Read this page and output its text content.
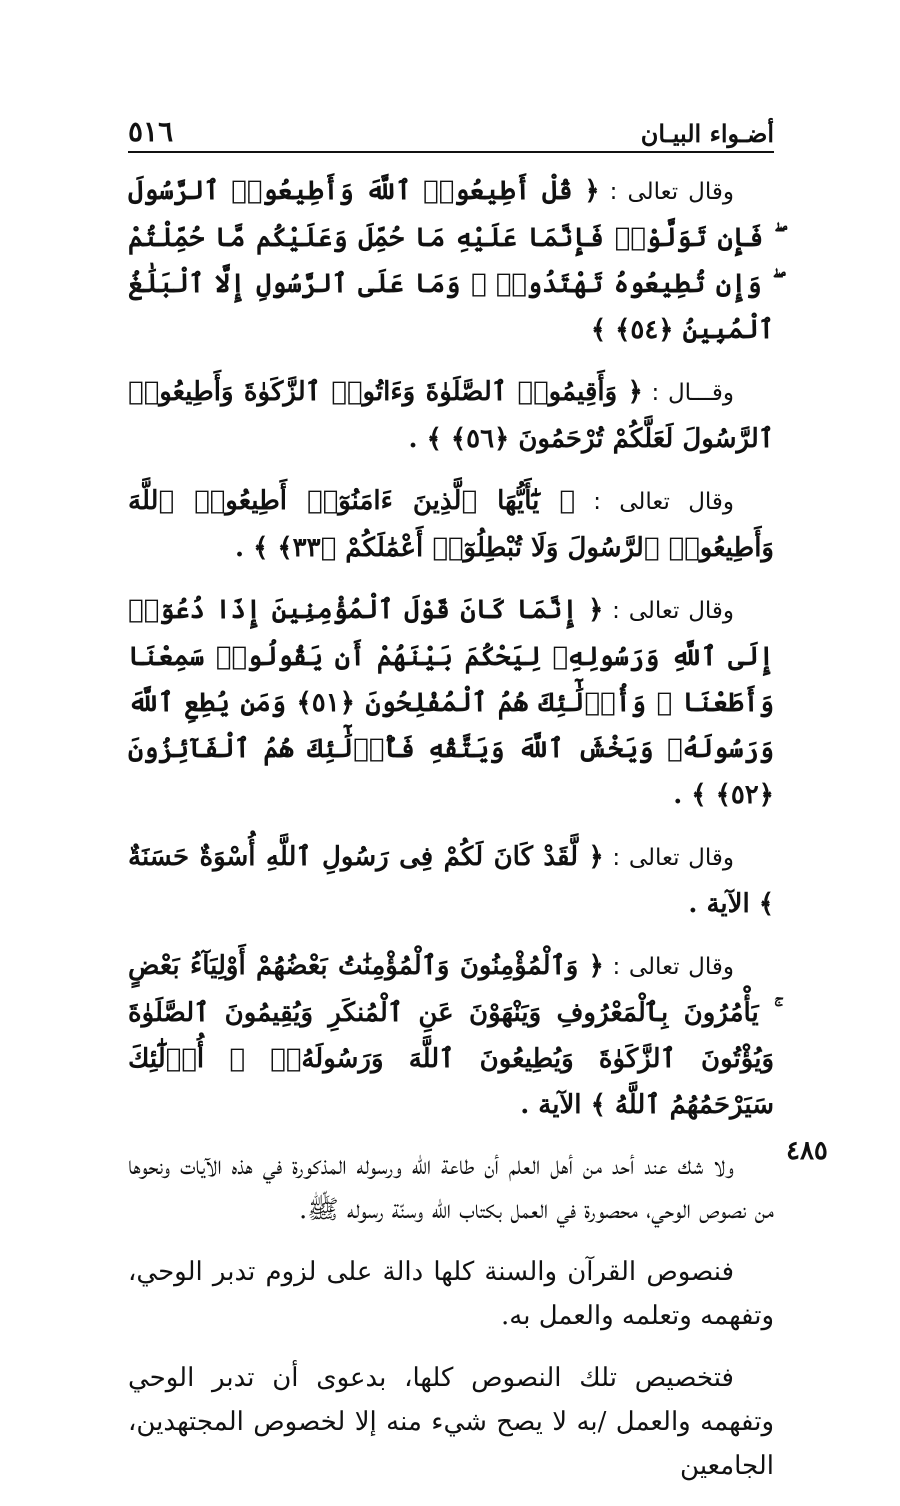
٥١٦	أضـواء البيـان

وقال تعالى : ﴿ قُلْ أَطِيعُوا۟ ٱللَّهَ وَأَطِيعُوا۟ ٱلرَّسُولَ ۖ فَإِن تَوَلَّوْا۟ فَإِنَّمَا عَلَيْهِ مَا حُمِّلَ وَعَلَيْكُم مَّا حُمِّلْتُمْ ۖ وَإِن تُطِيعُوهُ تَهْتَدُوا۟ ۚ وَمَا عَلَى ٱلرَّسُولِ إِلَّا ٱلْبَلَٰغُ ٱلْمُبِينُ ﴿٥٤﴾ ﴾

وقـــال : ﴿ وَأَقِيمُوا۟ ٱلصَّلَوٰةَ وَءَاتُوا۟ ٱلزَّكَوٰةَ وَأَطِيعُوا۟ ٱلرَّسُولَ لَعَلَّكُمْ تُرْحَمُونَ ﴿٥٦﴾ ﴾ .

وقال تعالى : ﴿ يَٰٓأَيُّهَا ٱلَّذِينَ ءَامَنُوٓا۟ أَطِيعُوا۟ ٱللَّهَ وَأَطِيعُوا۟ ٱلرَّسُولَ وَلَا تُبْطِلُوٓا۟ أَعْمَٰلَكُمْ ﴿٣٣﴾ ﴾ .

وقال تعالى : ﴿ إِنَّمَا كَانَ قَوْلَ ٱلْمُؤْمِنِينَ إِذَا دُعُوٓا۟ إِلَى ٱللَّهِ وَرَسُولِهِۦ لِيَحْكُمَ بَيْنَهُمْ أَن يَقُولُوا۟ سَمِعْنَا وَأَطَعْنَا ۚ وَأُو۟لَٰٓئِكَ هُمُ ٱلْمُفْلِحُونَ ﴿٥١﴾ وَمَن يُطِعِ ٱللَّهَ وَرَسُولَهُۥ وَيَخْشَ ٱللَّهَ وَيَتَّقْهِ فَأُو۟لَٰٓئِكَ هُمُ ٱلْفَآئِزُونَ ﴿٥٢﴾ ﴾ .

وقال تعالى : ﴿ لَّقَدْ كَانَ لَكُمْ فِى رَسُولِ ٱللَّهِ أُسْوَةٌ حَسَنَةٌ ﴾ الآية .

وقال تعالى : ﴿ وَٱلْمُؤْمِنُونَ وَٱلْمُؤْمِنَٰتُ بَعْضُهُمْ أَوْلِيَآءُ بَعْضٍ ۚ يَأْمُرُونَ بِٱلْمَعْرُوفِ وَيَنْهَوْنَ عَنِ ٱلْمُنكَرِ وَيُقِيمُونَ ٱلصَّلَوٰةَ وَيُؤْتُونَ ٱلزَّكَوٰةَ وَيُطِيعُونَ ٱللَّهَ وَرَسُولَهُۥٓ ۚ أُو۟لَٰٓئِكَ سَيَرْحَمُهُمُ ٱللَّهُ ﴾ الآية .

ولا شك عند أحد من أهل العلم أن طاعة الله ورسوله المذكورة في هذه الآيات ونحوها من نصوص الوحي، محصورة في العمل بكتاب الله وسنّة رسوله ﷺ.

فنصوص القرآن والسنة كلها دالة على لزوم تدبر الوحي، وتفهمه وتعلمه والعمل به.

فتخصيص تلك النصوص كلها، بدعوى أن تدبر الوحي وتفهمه والعمل /به لا يصح شيء منه إلا لخصوص المجتهدين، الجامعين

٤٨٥
